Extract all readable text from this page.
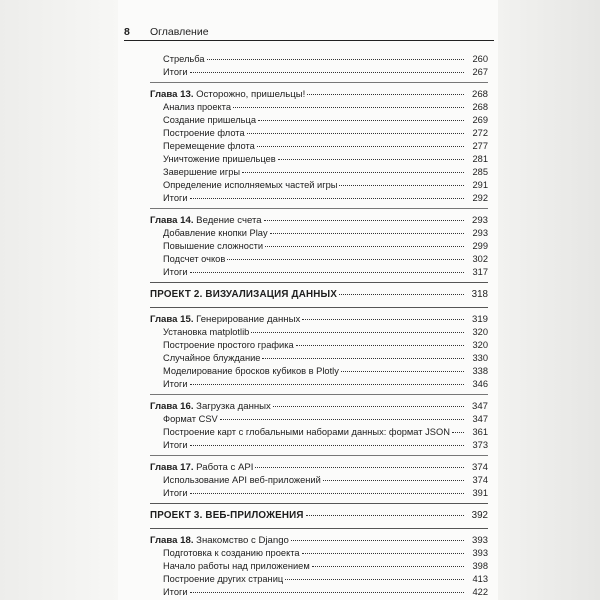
8	Оглавление
Стрельба	260
Итоги	267
Глава 13. Осторожно, пришельцы!	268
Анализ проекта	268
Создание пришельца	269
Построение флота	272
Перемещение флота	277
Уничтожение пришельцев	281
Завершение игры	285
Определение исполняемых частей игры	291
Итоги	292
Глава 14. Ведение счета	293
Добавление кнопки Play	293
Повышение сложности	299
Подсчет очков	302
Итоги	317
ПРОЕКТ 2. ВИЗУАЛИЗАЦИЯ ДАННЫХ	318
Глава 15. Генерирование данных	319
Установка matplotlib	320
Построение простого графика	320
Случайное блуждание	330
Моделирование бросков кубиков в Plotly	338
Итоги	346
Глава 16. Загрузка данных	347
Формат CSV	347
Построение карт с глобальными наборами данных: формат JSON	361
Итоги	373
Глава 17. Работа с API	374
Использование API веб-приложений	374
Итоги	391
ПРОЕКТ 3. ВЕБ-ПРИЛОЖЕНИЯ	392
Глава 18. Знакомство с Django	393
Подготовка к созданию проекта	393
Начало работы над приложением	398
Построение других страниц	413
Итоги	422
